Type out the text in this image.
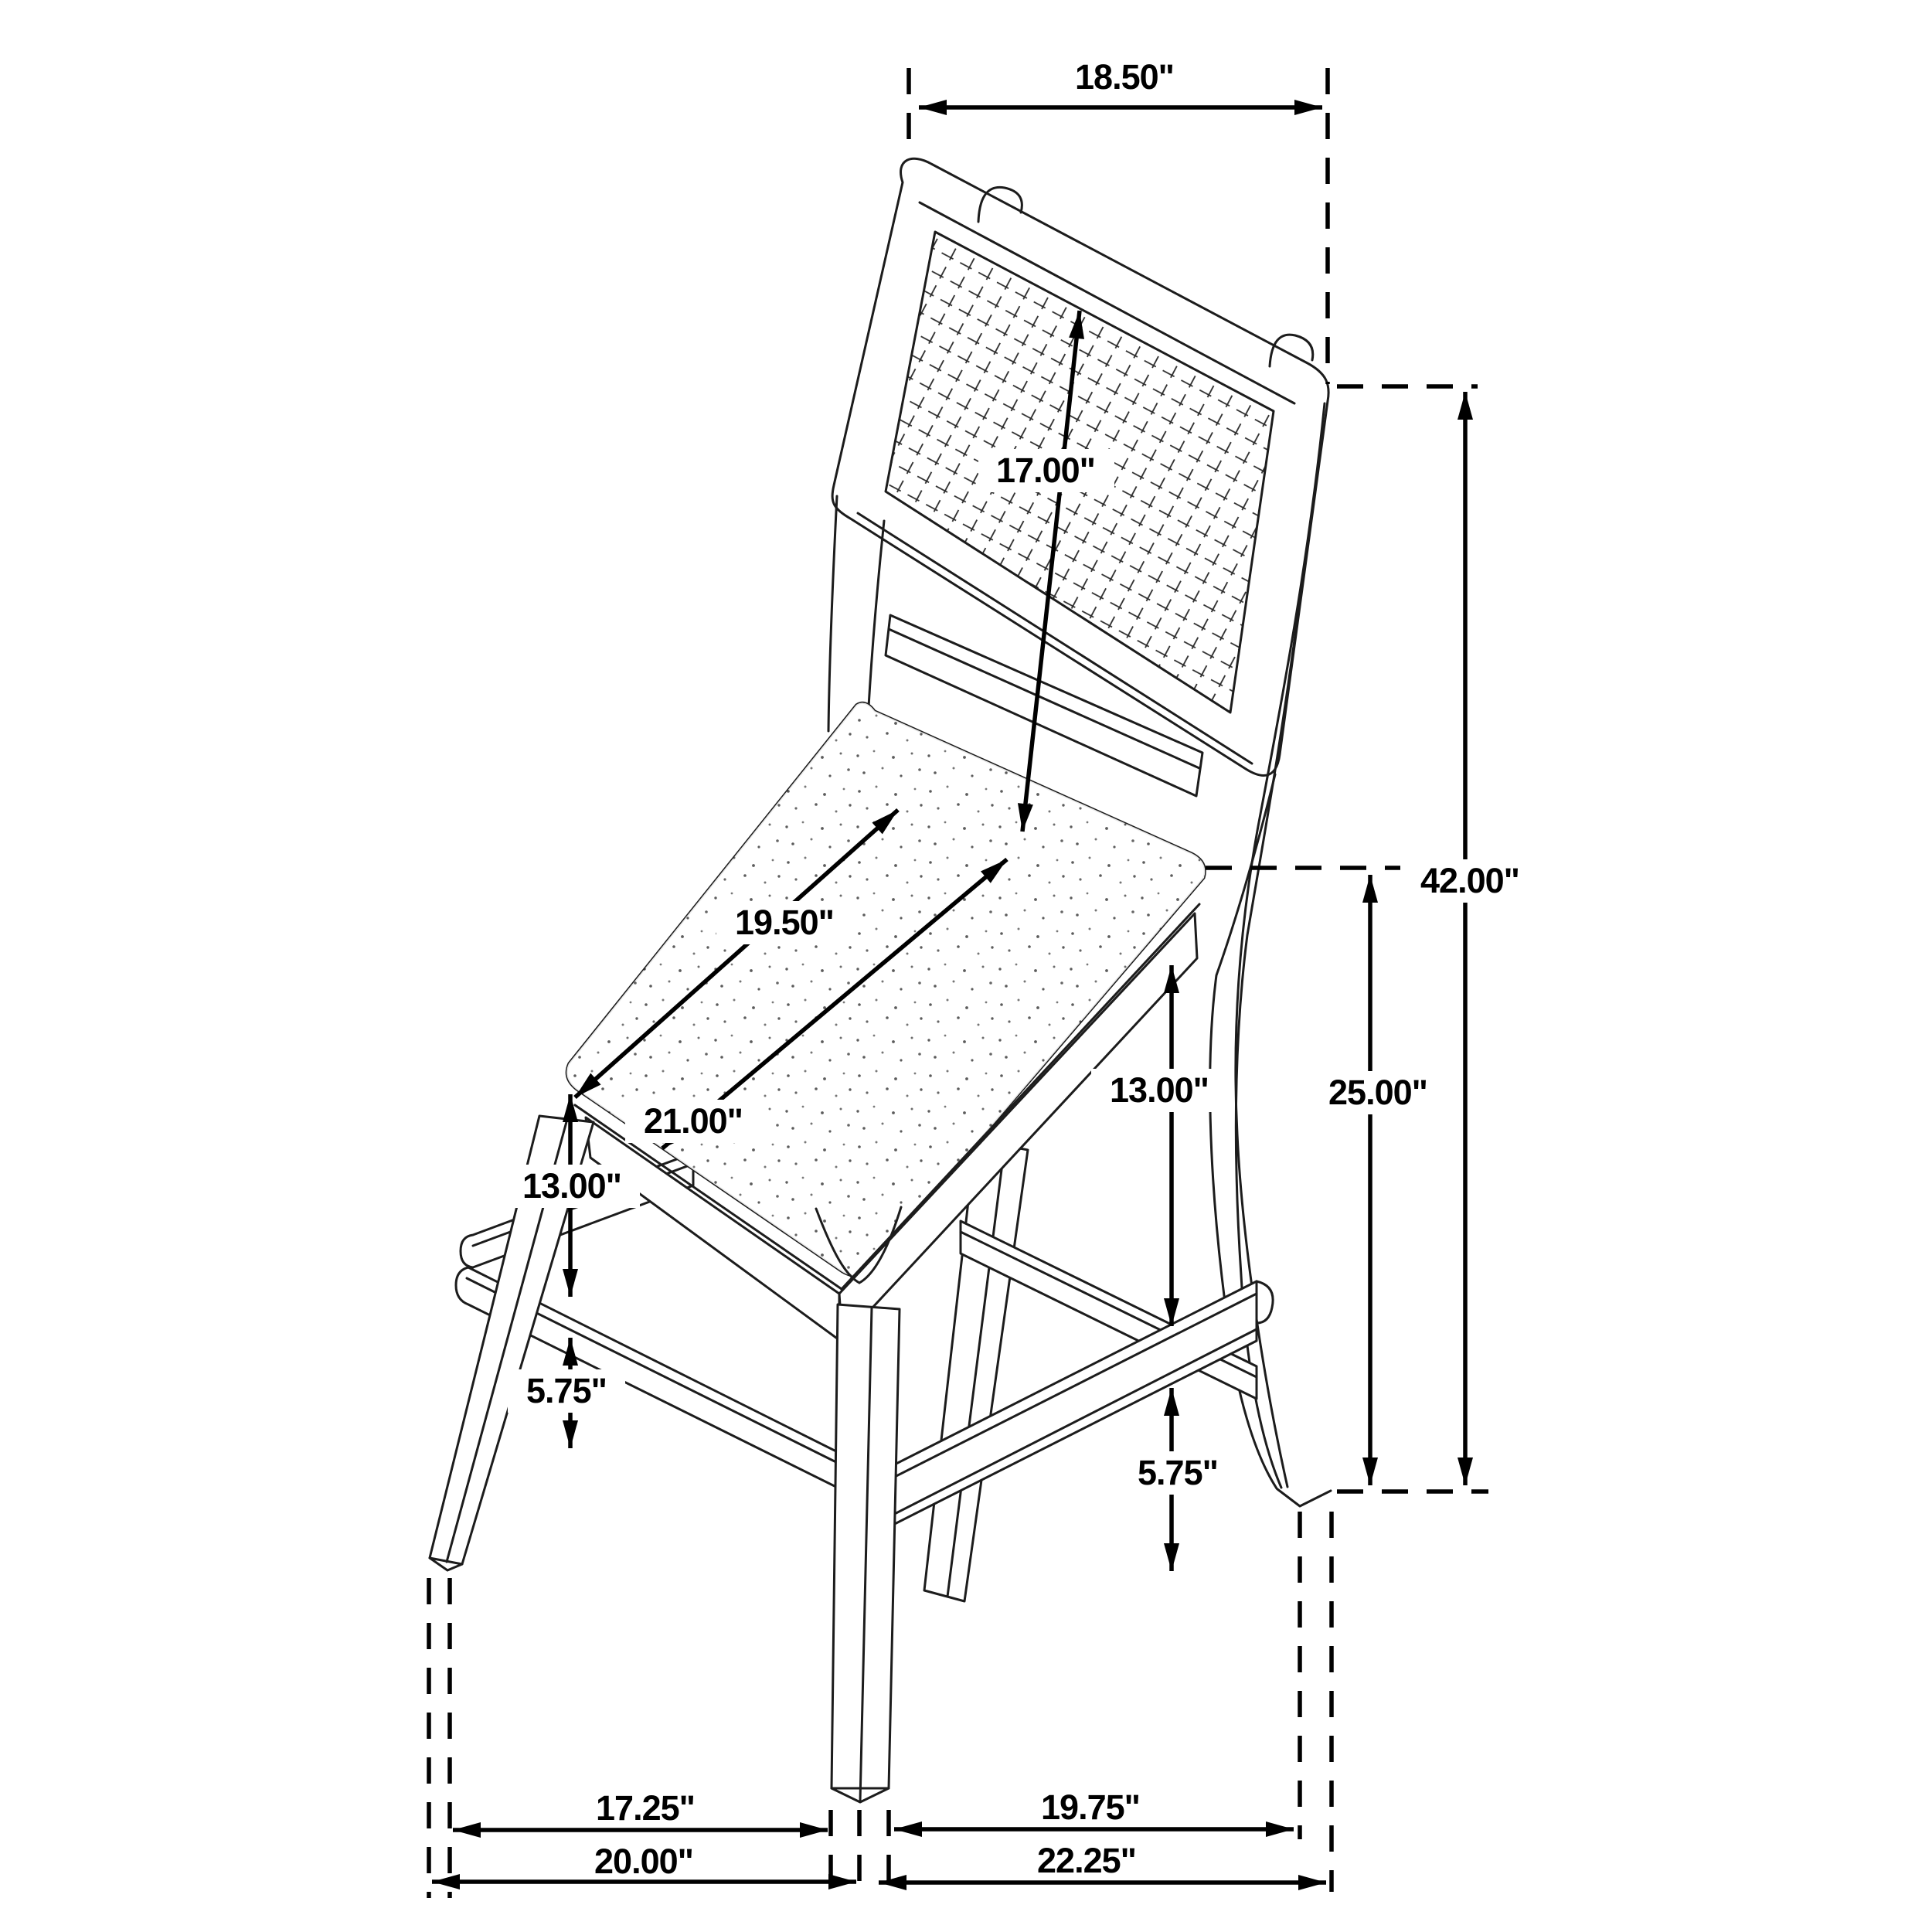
18.50"
17.00"
19.50"
21.00"
13.00"
5.75"
13.00"
5.75"
25.00"
42.00"
17.25"
20.00"
19.75"
22.25"
